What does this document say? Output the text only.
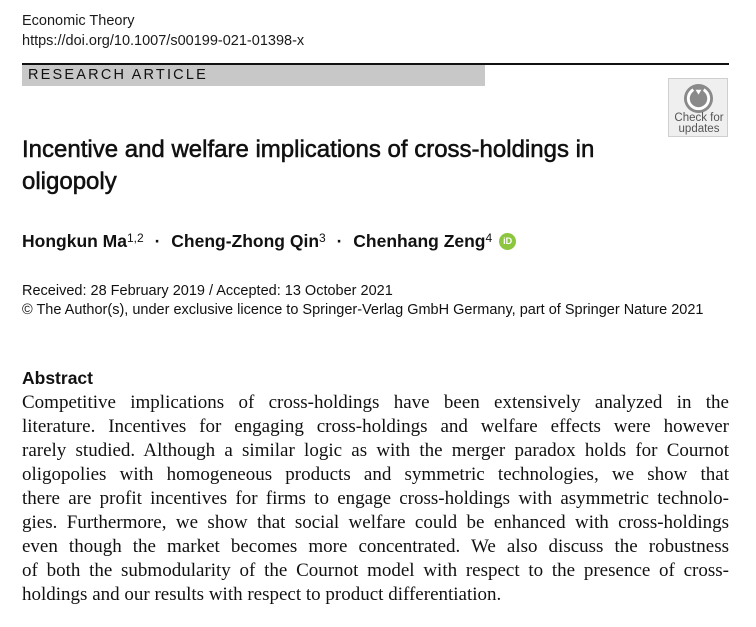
Economic Theory
https://doi.org/10.1007/s00199-021-01398-x
RESEARCH ARTICLE
Check for
updates
Incentive and welfare implications of cross-holdings in oligopoly
Hongkun Ma$^{1,2}$ · Cheng-Zhong Qin$^3$ · Chenhang Zeng$^4$ iD
Received: 28 February 2019 / Accepted: 13 October 2021
© The Author(s), under exclusive licence to Springer-Verlag GmbH Germany, part of Springer Nature 2021
Abstract
Competitive implications of cross-holdings have been extensively analyzed in the
literature. Incentives for engaging cross-holdings and welfare effects were however
rarely studied. Although a similar logic as with the merger paradox holds for Cournot
oligopolies with homogeneous products and symmetric technologies, we show that
there are profit incentives for firms to engage cross-holdings with asymmetric technolo-
gies. Furthermore, we show that social welfare could be enhanced with cross-holdings
even though the market becomes more concentrated. We also discuss the robustness
of both the submodularity of the Cournot model with respect to the presence of cross-
holdings and our results with respect to product differentiation.
